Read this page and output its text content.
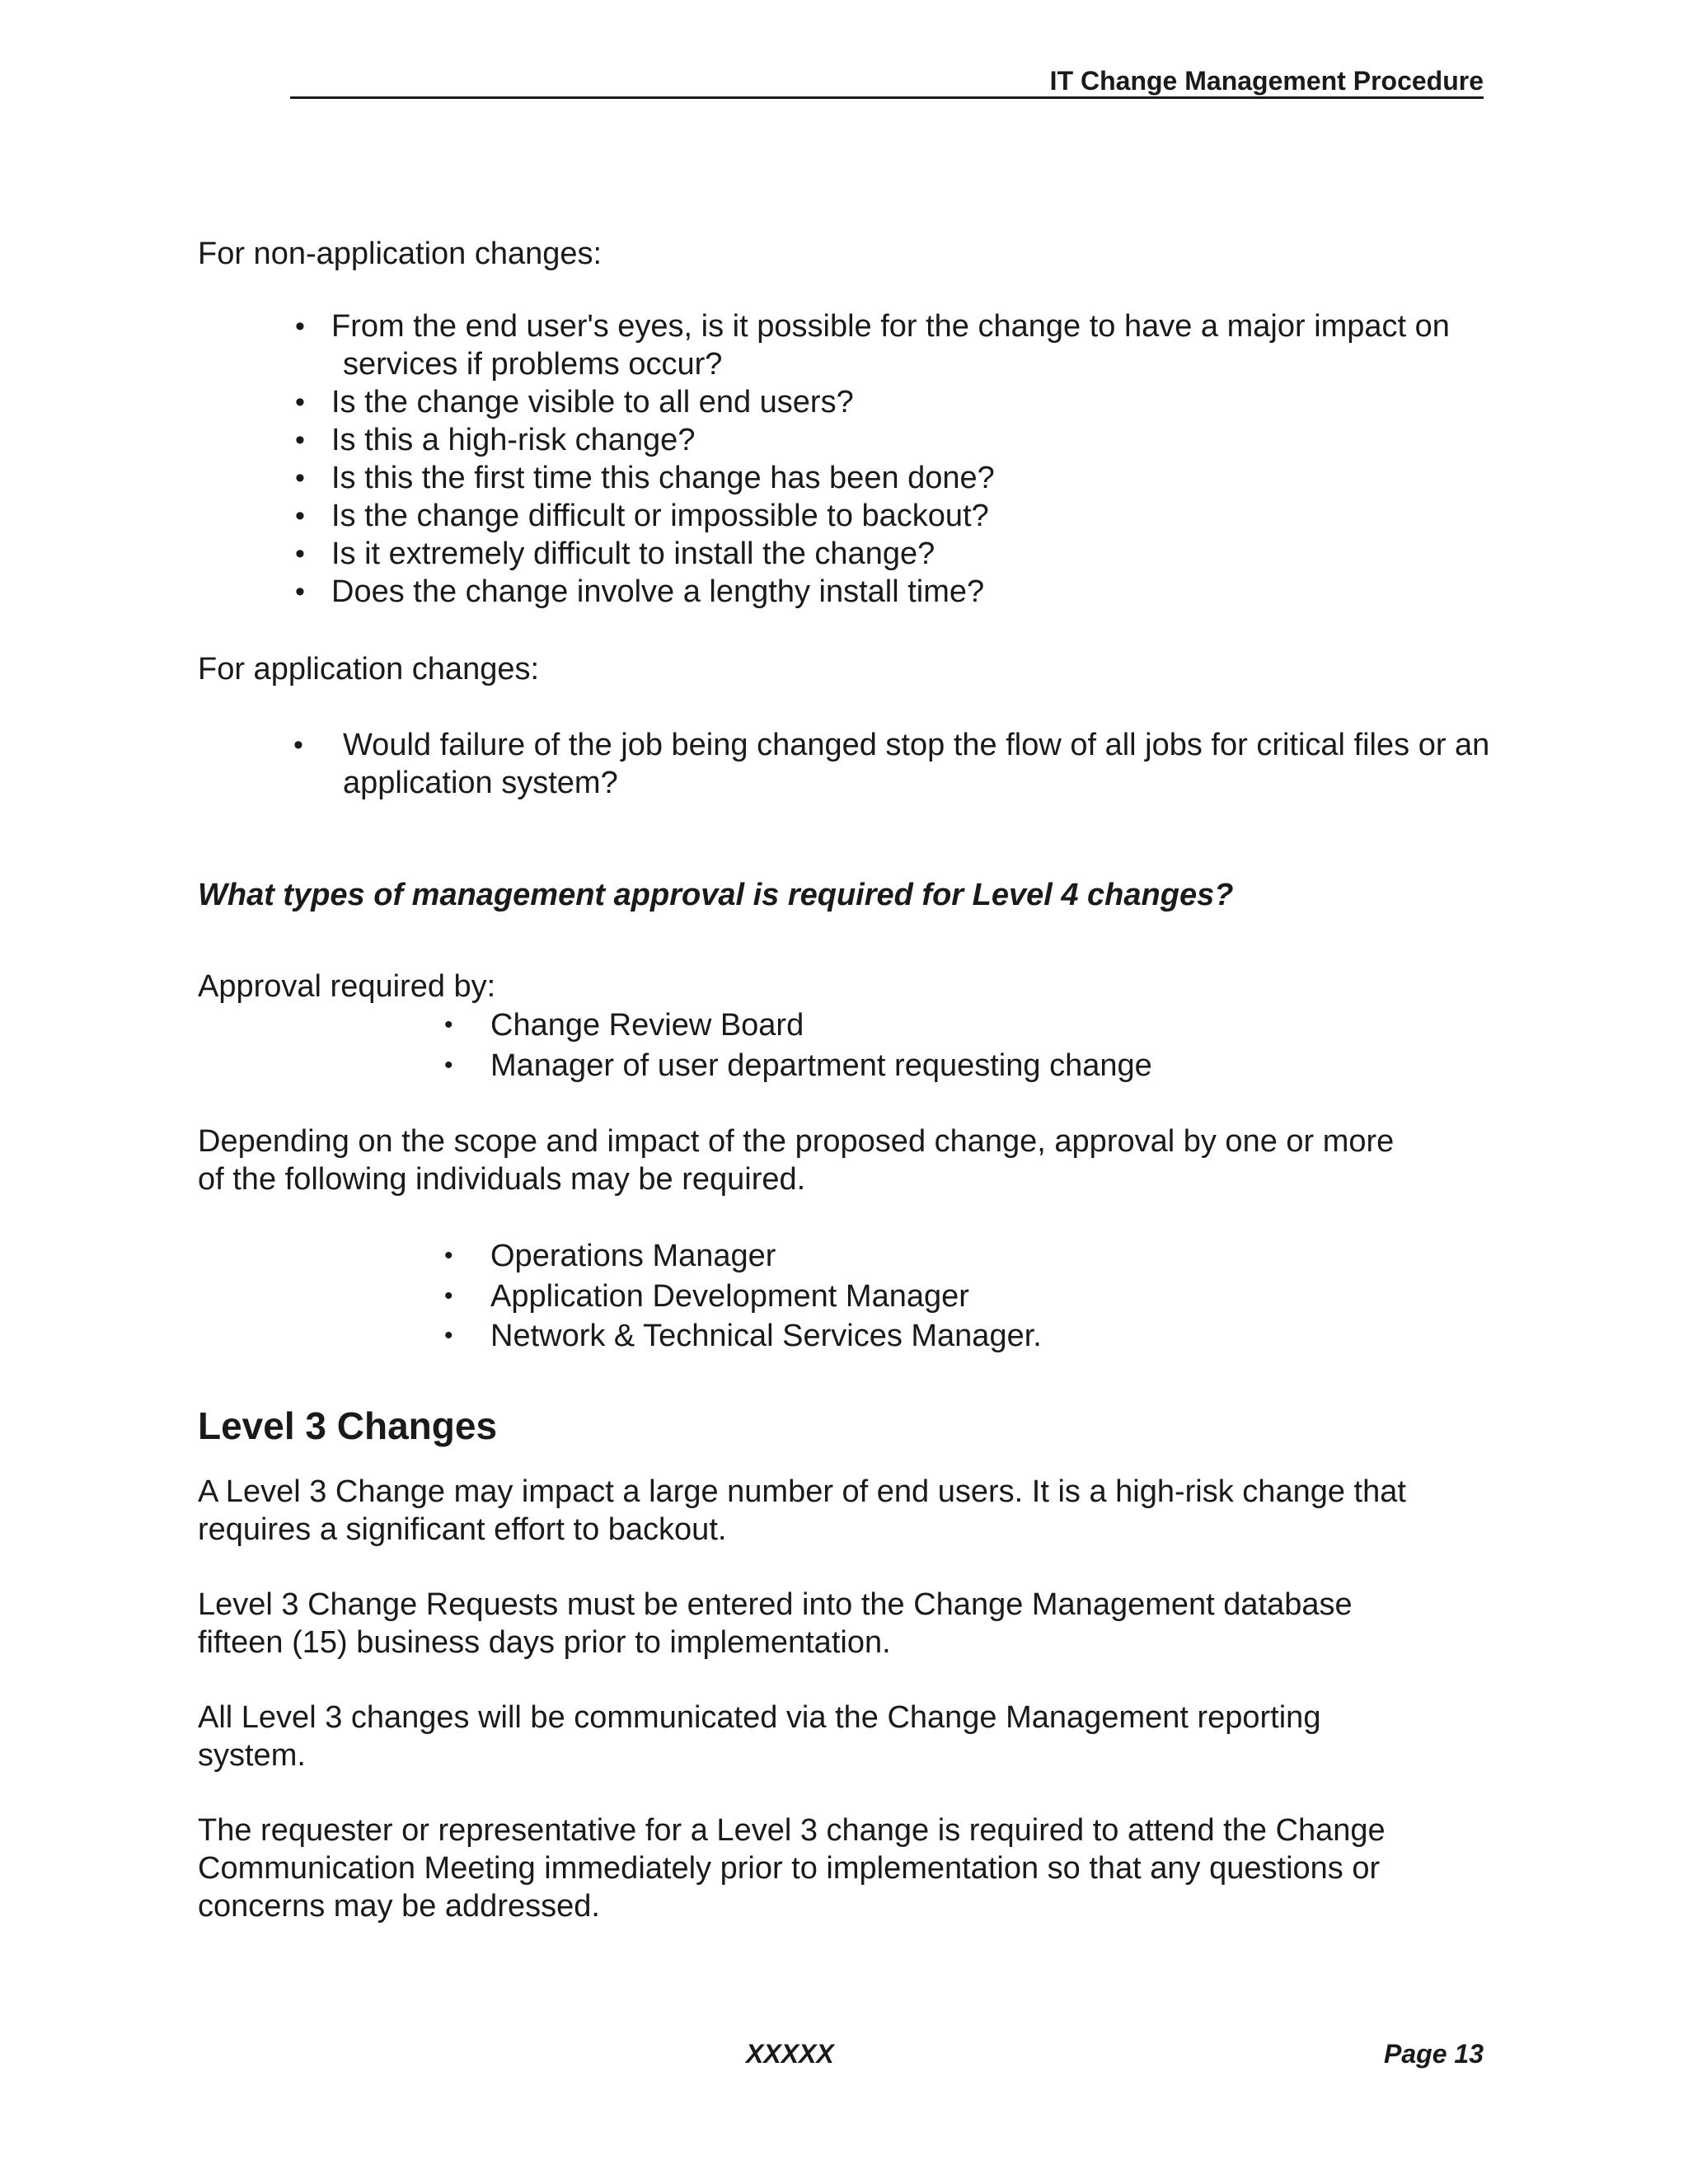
IT Change Management Procedure

For non-application changes:

• From the end user's eyes, is it possible for the change to have a major impact on
services if problems occur?
• Is the change visible to all end users?
• Is this a high-risk change?
• Is this the first time this change has been done?
• Is the change difficult or impossible to backout?
• Is it extremely difficult to install the change?
• Does the change involve a lengthy install time?

For application changes:

• Would failure of the job being changed stop the flow of all jobs for critical files or an
application system?

What types of management approval is required for Level 4 changes?

Approval required by:

• Change Review Board
• Manager of user department requesting change

Depending on the scope and impact of the proposed change, approval by one or more
of the following individuals may be required.

• Operations Manager
• Application Development Manager
• Network & Technical Services Manager.
Level 3 Changes

A Level 3 Change may impact a large number of end users. It is a high-risk change that
requires a significant effort to backout.

Level 3 Change Requests must be entered into the Change Management database
fifteen (15) business days prior to implementation.

All Level 3 changes will be communicated via the Change Management reporting
system.

The requester or representative for a Level 3 change is required to attend the Change
Communication Meeting immediately prior to implementation so that any questions or
concerns may be addressed.

XXXXX	Page 13
